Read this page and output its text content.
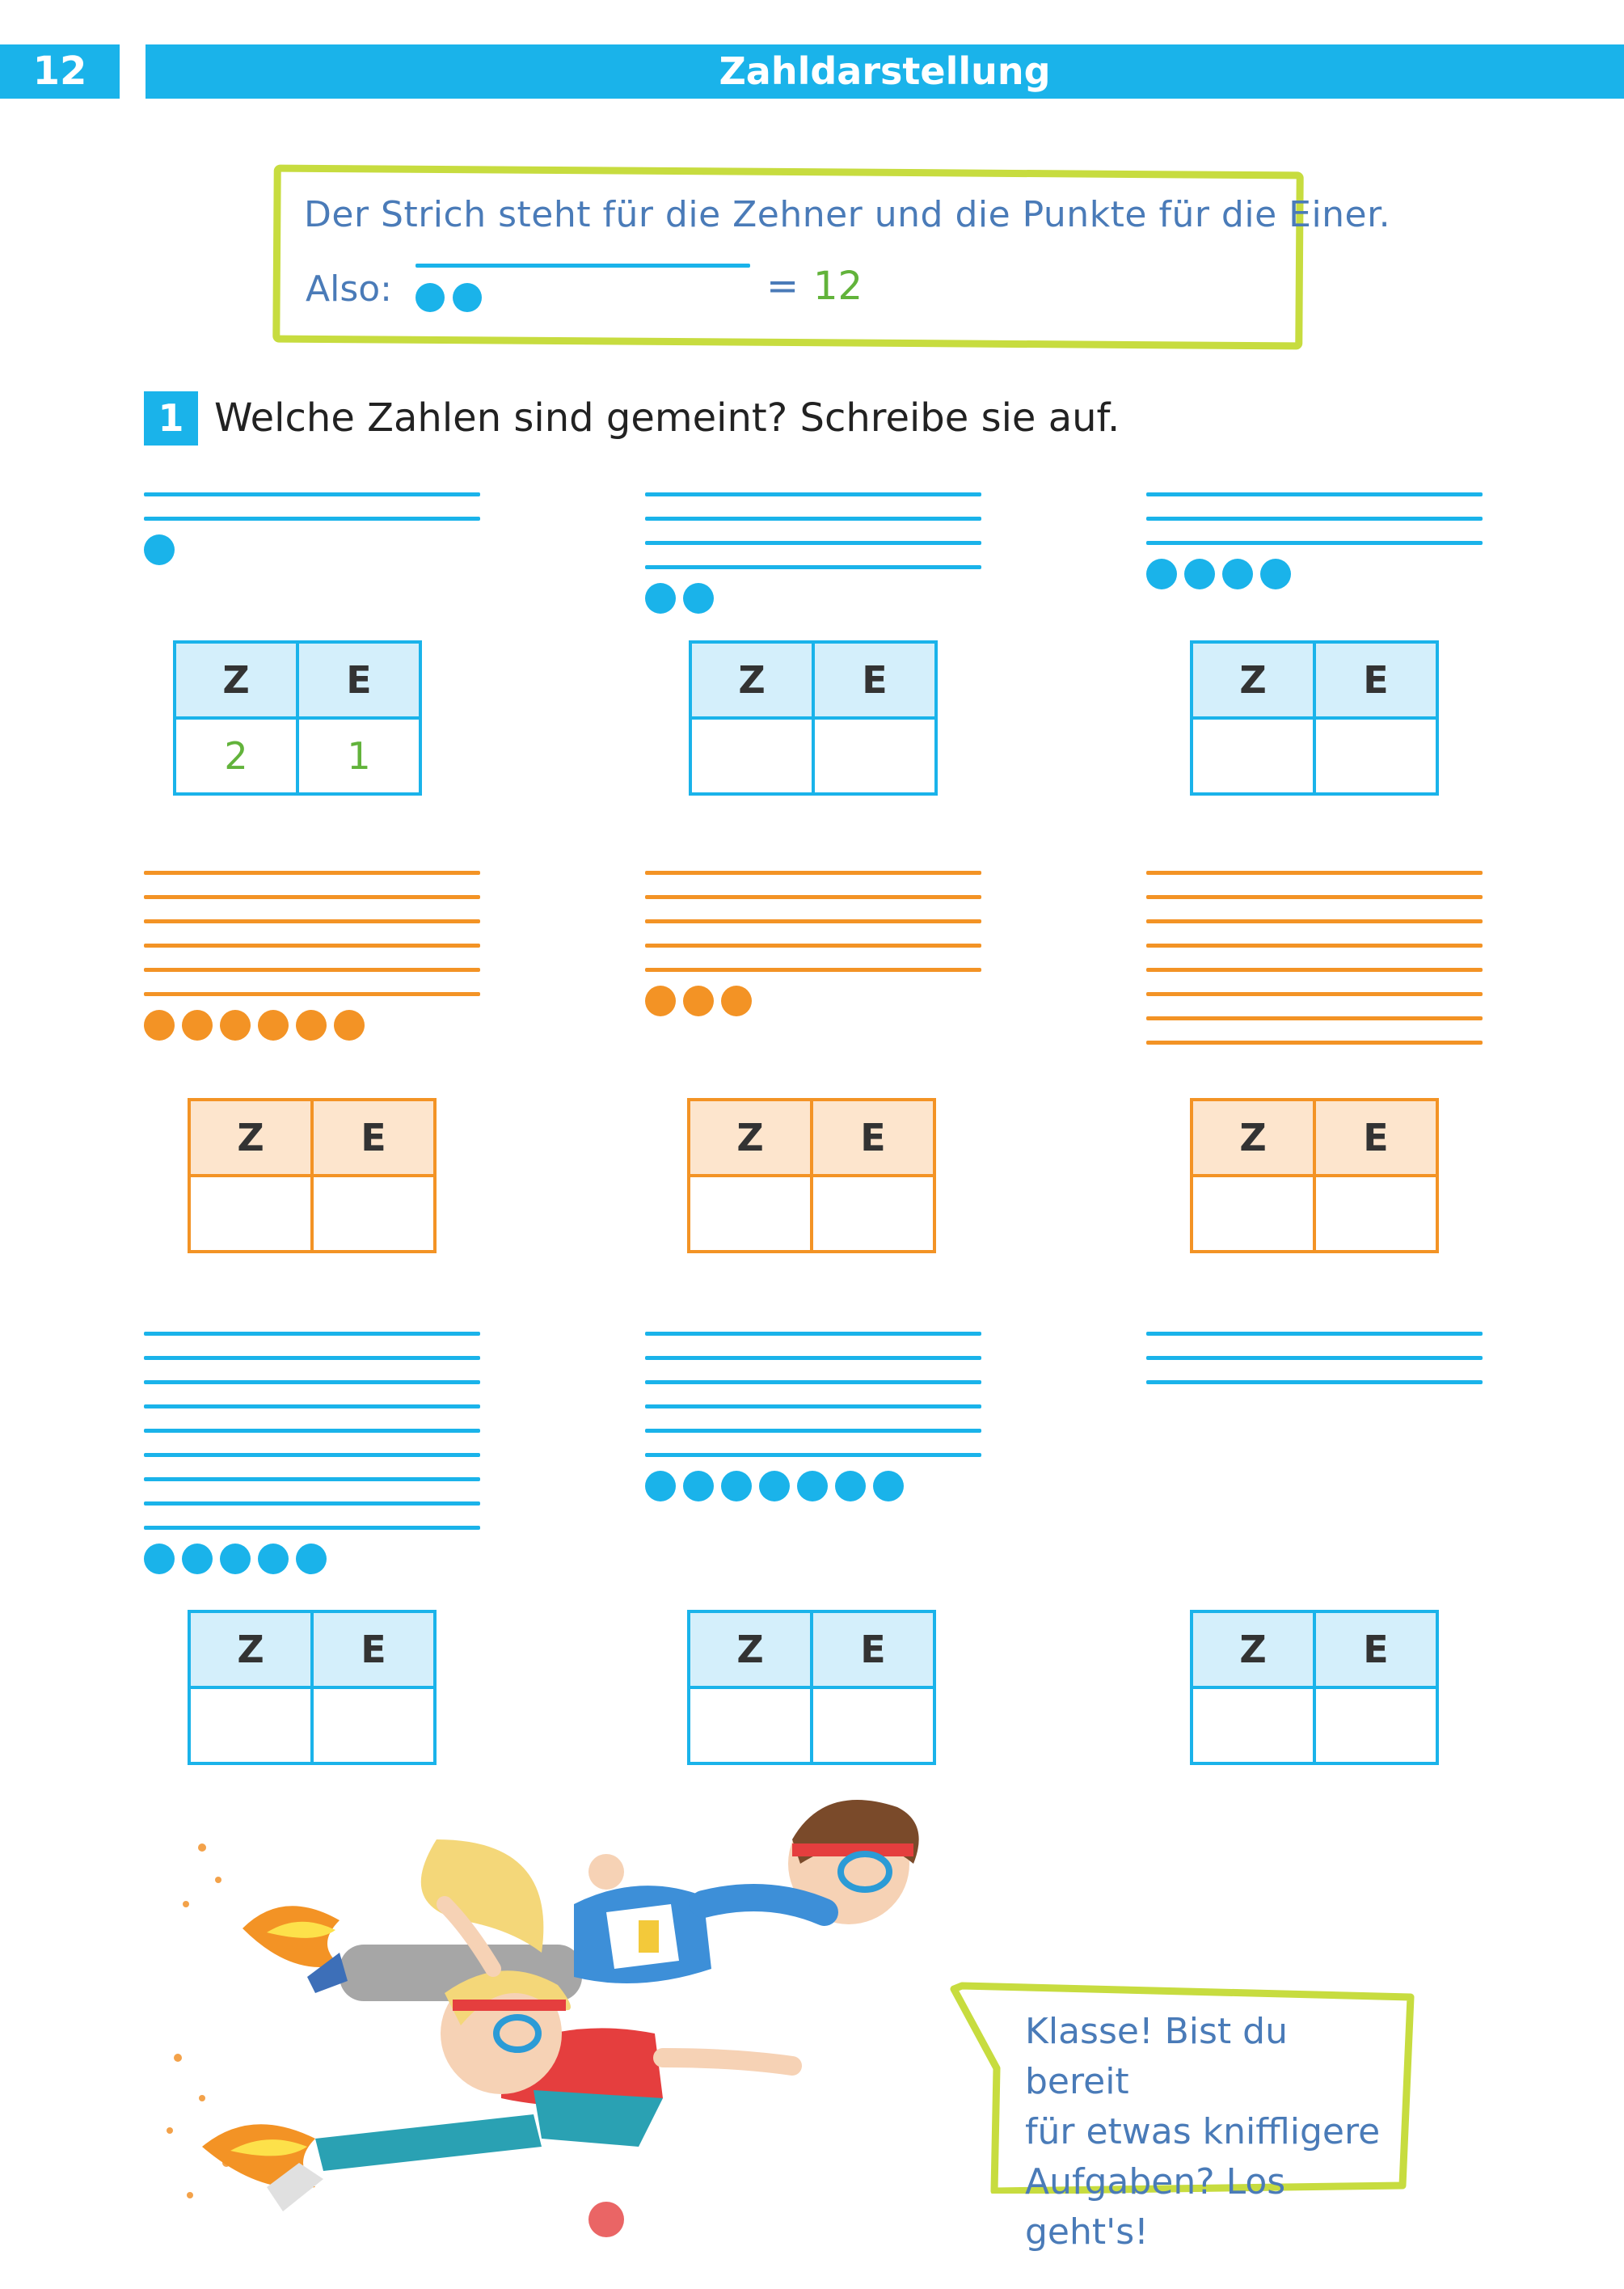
12	Zahldarstellung
Der Strich steht für die Zehner und die Punkte für die Einer.
Also:	= 12
1 Welche Zahlen sind gemeint? Schreibe sie auf.
Z	E
2	1
Z	E
		Z	E

Z	E
		Z	E
		Z	E

Z	E
		Z	E
		Z	E

Klasse! Bist du bereit
für etwas kniffligere
Aufgaben? Los geht's!
